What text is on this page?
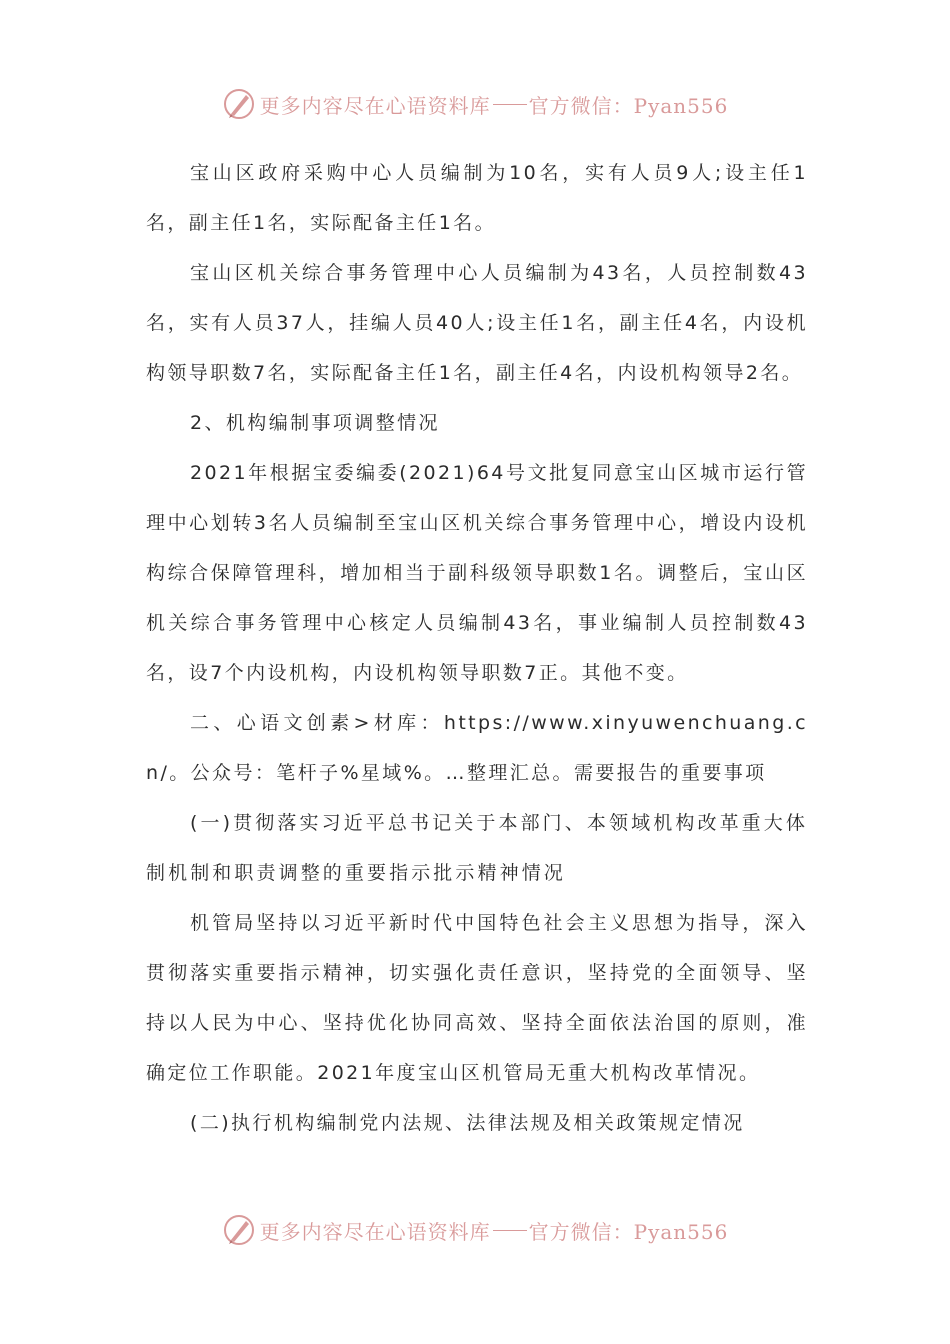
更多内容尽在心语资料库 官方微信：Pyan556

宝山区政府采购中心人员编制为10名，实有人员9人;设主任1名，副主任1名，实际配备主任1名。

宝山区机关综合事务管理中心人员编制为43名，人员控制数43名，实有人员37人，挂编人员40人;设主任1名，副主任4名，内设机构领导职数7名，实际配备主任1名，副主任4名，内设机构领导2名。

2、机构编制事项调整情况

2021年根据宝委编委(2021)64号文批复同意宝山区城市运行管理中心划转3名人员编制至宝山区机关综合事务管理中心，增设内设机构综合保障管理科，增加相当于副科级领导职数1名。调整后，宝山区机关综合事务管理中心核定人员编制43名，事业编制人员控制数43名，设7个内设机构，内设机构领导职数7正。其他不变。

二、心语文创素>材库：https://www.xinyuwenchuang.cn/。公众号：笔杆子%星域%。…整理汇总。需要报告的重要事项

(一)贯彻落实习近平总书记关于本部门、本领域机构改革重大体制机制和职责调整的重要指示批示精神情况

机管局坚持以习近平新时代中国特色社会主义思想为指导，深入贯彻落实重要指示精神，切实强化责任意识，坚持党的全面领导、坚持以人民为中心、坚持优化协同高效、坚持全面依法治国的原则，准确定位工作职能。2021年度宝山区机管局无重大机构改革情况。

(二)执行机构编制党内法规、法律法规及相关政策规定情况

更多内容尽在心语资料库 官方微信：Pyan556
